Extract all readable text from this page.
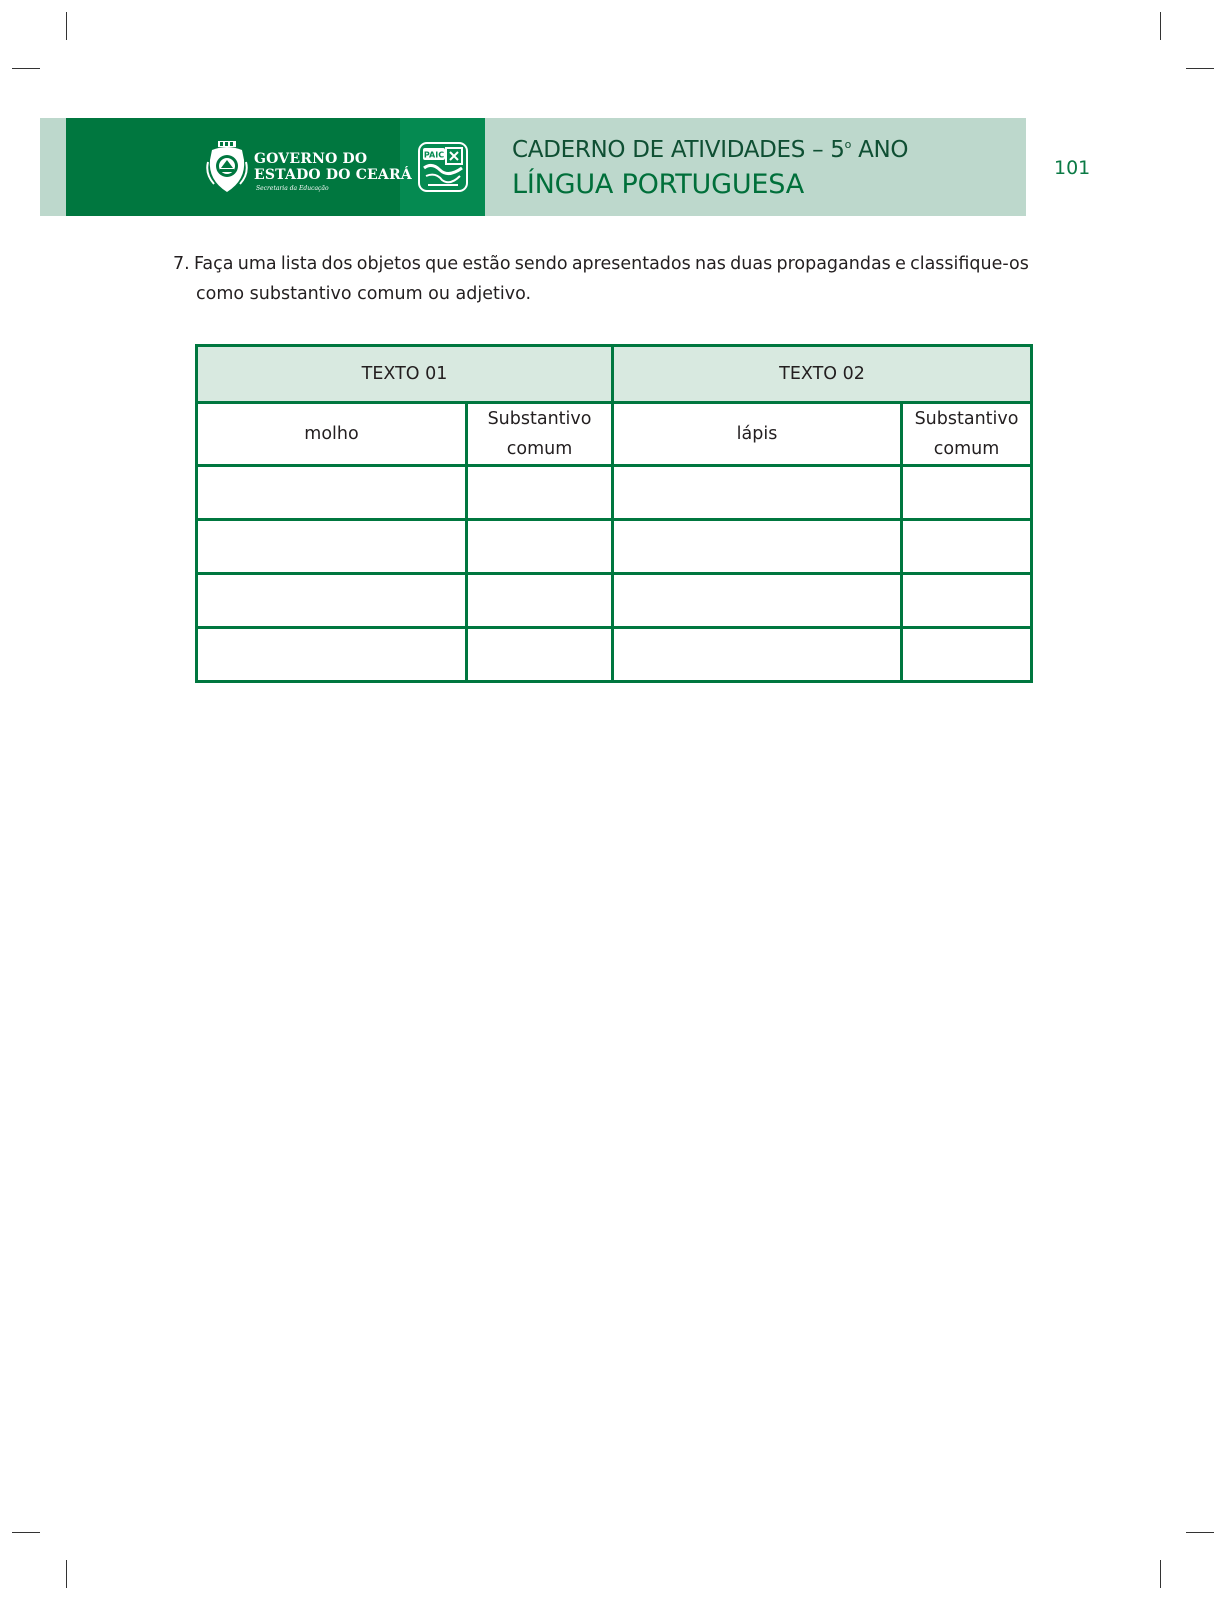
GOVERNO DO
ESTADO DO CEARÁ
Secretaria da Educação
PAIC	CADERNO DE ATIVIDADES – 5$^o$ ANO
LÍNGUA PORTUGUESA
101
7. Faça uma lista dos objetos que estão sendo apresentados nas duas propagandas e classifique-os
como substantivo comum ou adjetivo.
TEXTO 01		TEXTO 02	
molho	Substantivo comum	lápis	Substantivo comum
